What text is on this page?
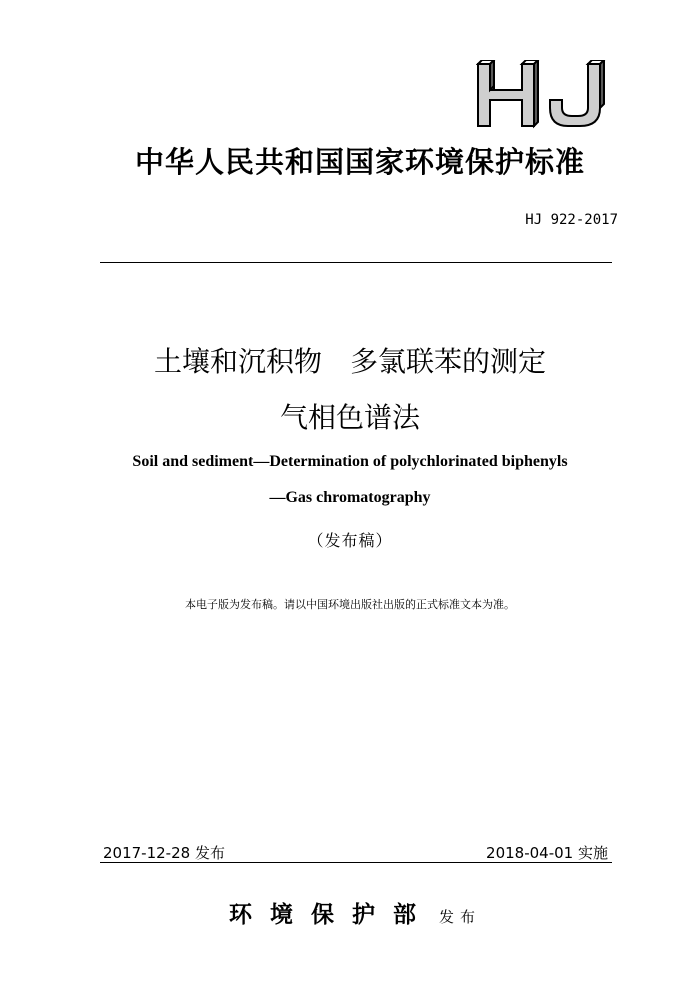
中华人民共和国国家环境保护标准
HJ 922-2017
土壤和沉积物　多氯联苯的测定
气相色谱法
Soil and sediment—Determination of polychlorinated biphenyls
—Gas chromatography
（发布稿）
本电子版为发布稿。请以中国环境出版社出版的正式标准文本为准。
2017-12-28 发布	2018-04-01 实施
环境保护部 发布
